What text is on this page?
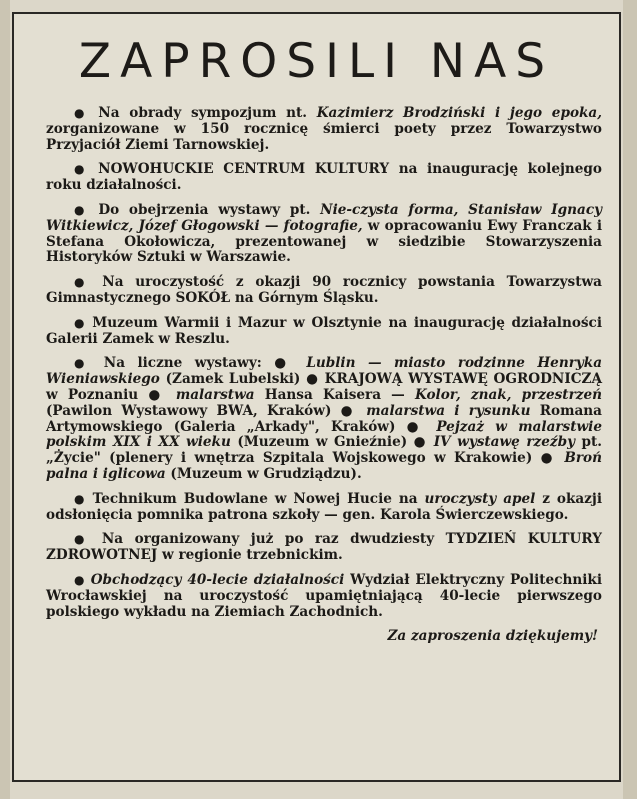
ZAPROSILI NAS

● Na obrady sympozjum nt. Kazimierz Brodziński i jego epoka, zorganizowane w 150 rocznicę śmierci poety przez Towarzystwo Przyjaciół Ziemi Tarnowskiej.

● NOWOHUCKIE CENTRUM KULTURY na inaugurację kolejnego roku działalności.

● Do obejrzenia wystawy pt. Nie-czysta forma, Stanisław Ignacy Witkiewicz, Józef Głogowski — fotografie, w opracowaniu Ewy Franczak i Stefana Okołowicza, prezentowanej w siedzibie Stowarzyszenia Historyków Sztuki w Warszawie.

● Na uroczystość z okazji 90 rocznicy powstania Towarzystwa Gimnastycznego SOKÓŁ na Górnym Śląsku.

● Muzeum Warmii i Mazur w Olsztynie na inaugurację działalności Galerii Zamek w Reszlu.

● Na liczne wystawy: ● Lublin — miasto rodzinne Henryka Wieniawskiego (Zamek Lubelski) ● KRAJOWĄ WYSTAWĘ OGRODNICZĄ w Poznaniu ● malarstwa Hansa Kaisera — Kolor, znak, przestrzeń (Pawilon Wystawowy BWA, Kraków) ● malarstwa i rysunku Romana Artymowskiego (Galeria „Arkady", Kraków) ● Pejzaż w malarstwie polskim XIX i XX wieku (Muzeum w Gnieźnie) ● IV wystawę rzeźby pt. „Życie" (plenery i wnętrza Szpitala Wojskowego w Krakowie) ● Broń palna i iglicowa (Muzeum w Grudziądzu).

● Technikum Budowlane w Nowej Hucie na uroczysty apel z okazji odsłonięcia pomnika patrona szkoły — gen. Karola Świerczewskiego.

● Na organizowany już po raz dwudziesty TYDZIEŃ KULTURY ZDROWOTNEJ w regionie trzebnickim.

● Obchodzący 40-lecie działalności Wydział Elektryczny Politechniki Wrocławskiej na uroczystość upamiętniającą 40-lecie pierwszego polskiego wykładu na Ziemiach Zachodnich.

Za zaproszenia dziękujemy!
